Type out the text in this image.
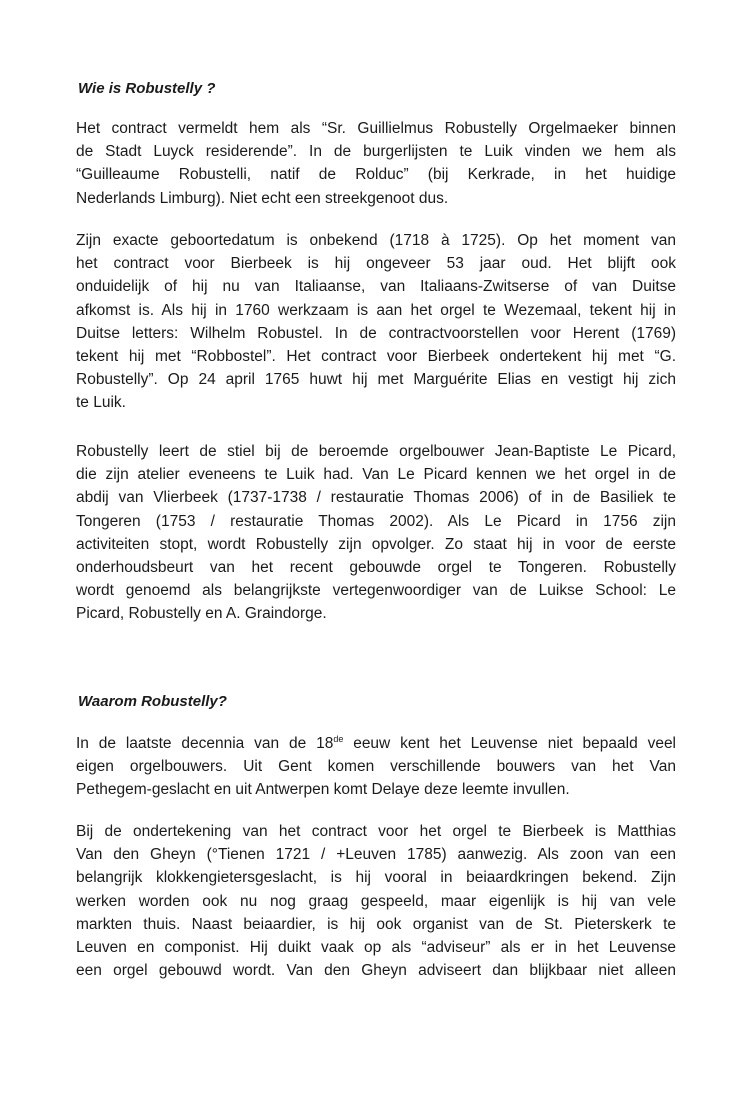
Wie is Robustelly ?
Het contract vermeldt hem als “Sr. Guillielmus Robustelly Orgelmaeker binnen
de Stadt Luyck residerende”. In de burgerlijsten te Luik vinden we hem als
“Guilleaume Robustelli, natif de Rolduc” (bij Kerkrade, in het huidige
Nederlands Limburg). Niet echt een streekgenoot dus.
Zijn exacte geboortedatum is onbekend (1718 à 1725). Op het moment van
het contract voor Bierbeek is hij ongeveer 53 jaar oud. Het blijft ook
onduidelijk of hij nu van Italiaanse, van Italiaans-Zwitserse of van Duitse
afkomst is. Als hij in 1760 werkzaam is aan het orgel te Wezemaal, tekent hij in
Duitse letters: Wilhelm Robustel. In de contractvoorstellen voor Herent (1769)
tekent hij met “Robbostel”. Het contract voor Bierbeek ondertekent hij met “G.
Robustelly”. Op 24 april 1765 huwt hij met Marguérite Elias en vestigt hij zich
te Luik.
Robustelly leert de stiel bij de beroemde orgelbouwer Jean-Baptiste Le Picard,
die zijn atelier eveneens te Luik had. Van Le Picard kennen we het orgel in de
abdij van Vlierbeek (1737-1738 / restauratie Thomas 2006) of in de Basiliek te
Tongeren (1753 / restauratie Thomas 2002). Als Le Picard in 1756 zijn
activiteiten stopt, wordt Robustelly zijn opvolger. Zo staat hij in voor de eerste
onderhoudsbeurt van het recent gebouwde orgel te Tongeren. Robustelly
wordt genoemd als belangrijkste vertegenwoordiger van de Luikse School: Le
Picard, Robustelly en A. Graindorge.
Waarom Robustelly?
In de laatste decennia van de 18de eeuw kent het Leuvense niet bepaald veel
eigen orgelbouwers. Uit Gent komen verschillende bouwers van het Van
Pethegem-geslacht en uit Antwerpen komt Delaye deze leemte invullen.
Bij de ondertekening van het contract voor het orgel te Bierbeek is Matthias
Van den Gheyn (°Tienen 1721 / +Leuven 1785) aanwezig. Als zoon van een
belangrijk klokkengietersgeslacht, is hij vooral in beiaardkringen bekend. Zijn
werken worden ook nu nog graag gespeeld, maar eigenlijk is hij van vele
markten thuis. Naast beiaardier, is hij ook organist van de St. Pieterskerk te
Leuven en componist. Hij duikt vaak op als “adviseur” als er in het Leuvense
een orgel gebouwd wordt. Van den Gheyn adviseert dan blijkbaar niet alleen
